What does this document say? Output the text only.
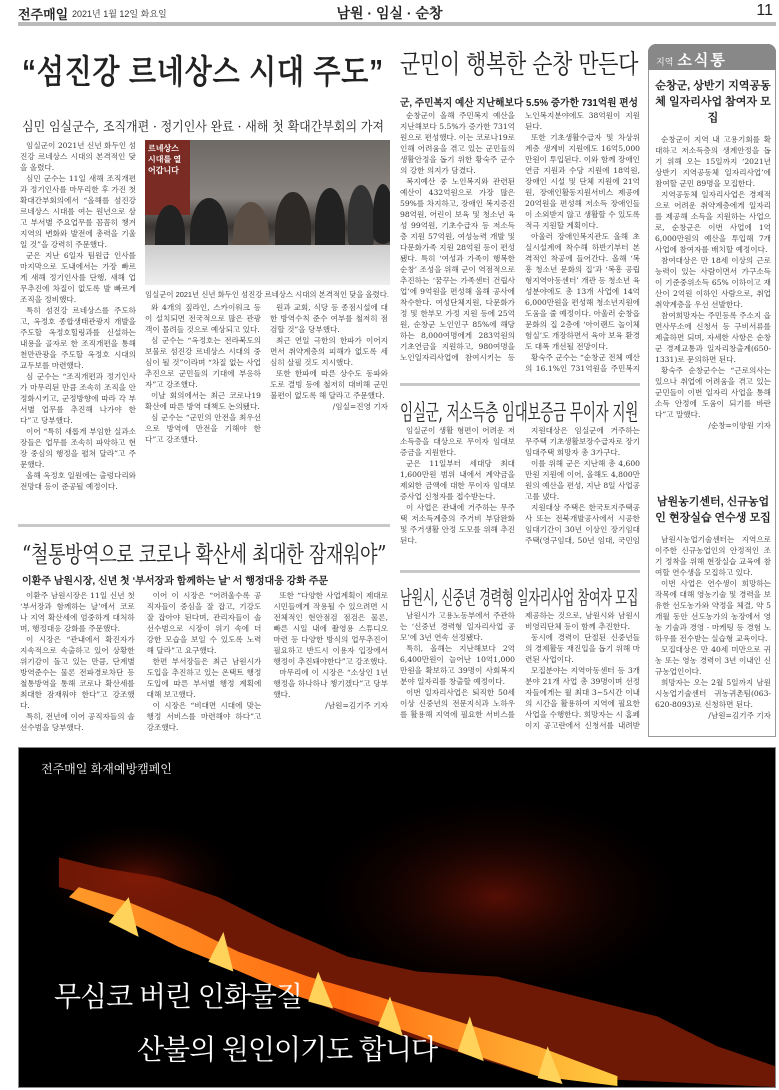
전주매일 2021년 1월 12일 화요일	남원 · 임실 · 순창	11
“섬진강 르네상스 시대 주도”
심민 임실군수, 조직개편 · 정기인사 완료 · 새해 첫 확대간부회의 가져

임실군이 2021년 신년 화두인 섬진강 르네상스 시대의 본격적인 닻을 올렸다.

심민 군수는 11일 새해 조직개편과 정기인사를 마무리한 후 가진 첫 확대간부회의에서 “올해를 섬진강 르네상스 시대를 여는 원년으로 삼고 부서별 주요업무를 꼼꼼히 챙겨 지역의 변화와 발전에 총력을 기울일 것”을 강력히 주문했다.

군은 지난 6일자 팀원급 인사를 마지막으로 도내에서는 가장 빠르게 새해 정기인사를 단행, 새해 업무추진에 차질이 없도록 발 빠르게 조직을 정비했다.

특히 섬진강 르네상스를 주도하고, 옥정호 종합생태관광지 개발을 주도할 옥정호힐링과를 신설하는 내용을 골자로 한 조직개편을 통해 천만관광을 주도할 옥정호 시대의 교두보를 마련했다.

심 군수는 “조직개편과 정기인사가 마무리된 만큼 조속히 조직을 안정화시키고, 군정방향에 따라 각 부서별 업무를 추진해 나가야 한다”고 당부했다.

이어 “특히 새롭게 부임한 실과소장들은 업무를 조속히 파악하고 현장 중심의 행정을 펼쳐 달라”고 주문했다.

올해 옥정호 일원에는 출렁다리와 전망대 등이 준공될 예정이다.

르네상스 시대를 열어갑니다
임실군이 2021년 신년 화두인 섬진강 르네상스 시대의 본격적인 닻을 올렸다.

와 4개의 짚라인, 스카이워크 등이 설치되면 전국적으로 많은 관광객이 몰려들 것으로 예상되고 있다.

심 군수는 “옥정호는 전라북도의 보물로 섬진강 르네상스 시대의 중심이 될 것”이라며 “차질 없는 사업 추진으로 군민들의 기대에 부응하자”고 강조했다.

이날 회의에서는 최근 코로나19 확산에 따른 방역 대책도 논의됐다.

심 군수는 “군민의 안전을 최우선으로 방역에 만전을 기해야 한다”고 강조했다.

원과 교회, 식당 등 종점시설에 대한 방역수칙 준수 여부를 철저히 점검할 것”을 당부했다.

최근 연일 극한의 한파가 이어지면서 취약계층의 피해가 없도록 세심히 살필 것도 지시했다.

또한 한파에 따른 상수도 동파와 도로 결빙 등에 철저히 대비해 군민 불편이 없도록 해 달라고 주문했다.

/임실=진영 기자

“철통방역으로 코로나 확산세 최대한 잠재워야”
이환주 남원시장, 신년 첫 ‘부서장과 함께하는 날’ 서 행정대응 강화 주문

이환주 남원시장은 11일 신년 첫 ‘부서장과 함께하는 날’에서 코로나 지역 확산세에 엄중하게 대처하며, 행정대응 강화를 주문했다.

이 시장은 “관내에서 확진자가 지속적으로 속출하고 있어 상황한 위기감이 돌고 있는 만큼, 단계별 방역준수는 물론 전파경로차단 등 철통방역을 통해 코로나 확산세를 최대한 잠재워야 한다”고 강조했다.

특히, 전년에 이어 공직자들의 솔선수범을 당부했다.

이어 이 시장은 “어려울수록 공직자들이 중심을 잘 잡고, 기강도 잘 잡아야 된다며, 관리자들이 솔선수범으로 시장이 위기 속에 더 강한 모습을 보일 수 있도록 노력해 달라”고 요구했다.

한편 부서장들은 최근 남원시가 도입을 추진하고 있는 온택트 행정 도입에 따른 부서별 행정 계획에 대해 보고했다.

이 시장은 “비대면 시대에 맞는 행정 서비스를 마련해야 하다”고 강조했다.

또한 “다양한 사업계획이 제대로 시민들에게 작용될 수 있으려면 시 전체적인 현안점검 점검은 물론, 빠른 시일 내에 촬영용 스튜디오 마련 등 다양한 방식의 업무추진이 필요하고 반드시 이용자 입장에서 행정이 추진돼야한다”고 강조했다.

마무리에 이 시장은 “소상인 1년 행정을 하나하나 챙기겠다”고 당부했다.

/남원=김기주 기자

군민이 행복한 순창 만든다
군, 주민복지 예산 지난해보다 5.5% 증가한 731억원 편성

순창군이 올해 주민복지 예산을 지난해보다 5.5%가 증가한 731억원으로 편성했다. 이는 코로나19로 인해 어려움을 겪고 있는 군민들의 생활안정을 돕기 위한 황숙주 군수의 강한 의지가 담겼다.

복지예산 중 노인복지와 관련된 예산이 432억원으로 가장 많은 59%를 차지하고, 장애인 복지증진 98억원, 어린이 보육 및 청소년 육성 99억원, 기초수급자 등 저소득층 지원 57억원, 여성능력 개발 및 다문화가족 지원 28억원 등이 편성됐다. 특히 ‘여성과 가족이 행복한 순창’ 조성을 위해 군이 역점적으로 추진하는 ‘꿈꾸는 가족센터 건립사업’에 9억원을 편성해 올해 공사에 착수한다. 여성단체지원, 다문화가정 및 한부모 가정 지원 등에 25억원, 순창군 노인인구 85%에 해당하는 8,000여명에게 283억원의 기초연금을 지원하고, 980여명을 노인일자리사업에 참여시키는 등 노인복지분야에도 38억원이 지원된다.

또한 기초생활수급자 및 차상위 계층 생계비 지원에도 16억5,000만원이 투입된다. 이와 함께 장애인연금 지원과 수당 지원에 18억원, 장애인 시설 및 단체 지원에 21억원, 장애인활동지원서비스 제공에 20억원을 편성해 저소득 장애인들이 소외받지 않고 생활할 수 있도록 적극 지원할 계획이다.

아울러 장애인복지관도 올해 초 실시설계에 착수해 하반기부터 본격적인 착공에 들어간다. 올해 ‘복흥 청소년 문화의 집’과 ‘복흥 공립형지역아동센터’ 개관 등 청소년 육성분야에도 총 13개 사업에 14억6,000만원을 편성해 청소년지원에 도움을 줄 예정이다. 아울러 순창읍 문화의 집 2층에 ‘아이랜드 놀이체험실’도 개장하면서 육아 보육 환경도 대폭 개선될 전망이다.

황숙주 군수는 “순창군 전체 예산의 16.1%인 731억원을 주민복지

임실군, 저소득층 임대보증금 무이자 지원

임실군이 생활 형편이 어려운 저소득층을 대상으로 무이자 임대보증금을 지원한다.

군은 11일부터 세대당 최대 1,600만원 범위 내에서 계약금을 제외한 금액에 대한 무이자 임대보증사업 신청자를 접수받는다.

이 사업은 관내에 거주하는 무주택 저소득계층의 주거비 부담완화 및 주거생활 안정 도모를 위해 추진된다.

지원대상은 임실군에 거주하는 무주택 기초생활보장수급자로 장기임대주택 희망자 총 3가구다.

이를 위해 군은 지난해 총 4,600만원 지원에 이어, 올해도 4,800만원의 예산을 편성, 지난 8일 사업공고를 냈다.

지원대상 주택은 한국토지주택공사 또는 전북개발공사에서 시공한 임대기간이 30년 이상인 장기임대주택(영구임대, 50년 임대, 국민임

남원시, 신중년 경력형 일자리사업 참여자 모집

남원시가 고용노동부에서 주관하는 ‘신중년 경력형 일자리사업 공모’에 3년 연속 선정됐다.

특히, 올해는 지난해보다 2억6,400만원이 늘어난 10억1,000만원을 확보하고 39명이 사회복지 분야 일자리를 창출할 예정이다.

이번 일자리사업은 퇴직한 50세 이상 신중년의 전문지식과 노하우를 활용해 지역에 필요한 서비스를 제공하는 것으로, 남원시와 남원시 비영리단체 등이 함께 추진한다.

동시에 경력이 단절된 신중년들의 경제활동 재진입을 돕기 위해 마련된 사업이다.

모집분야는 지역아동센터 등 3개 분야 21개 사업 총 39명이며 선정자들에게는 월 최대 3~5시간 이내의 시간을 활용하여 지역에 필요한 사업을 수행한다. 희망자는 시 홈페이지 공고란에서 신청서를 내려받

지역 소식통
순창군, 상반기 지역공동체 일자리사업 참여자 모집

순창군이 지역 내 고용기회를 확대하고 저소득층의 생계안정을 돕기 위해 오는 15일까지 ‘2021년 상반기 지역공동체 일자리사업’에 참여할 군민 89명을 모집한다.

지역공동체 일자리사업은 경제적으로 어려운 취약계층에게 일자리를 제공해 소득을 지원하는 사업으로, 순창군은 이번 사업에 1억6,000만원의 예산을 투입해 7개 사업에 참여자를 배치할 예정이다.

참여대상은 만 18세 이상의 근로능력이 있는 사람이면서 가구소득이 기준중위소득 65% 이하이고 재산이 2억원 이하인 사람으로, 취업취약계층을 우선 선발한다.

참여희망자는 주민등록 주소지 읍면사무소에 신청서 등 구비서류를 제출하면 되며, 자세한 사항은 순창군 경제교통과 일자리창출계(650-1331)로 문의하면 된다.

황숙주 순창군수는 “근로의사는 있으나 취업에 어려움을 겪고 있는 군민들이 이번 일자리 사업을 통해 소득 안정에 도움이 되기를 바란다”고 말했다.

/순창=이양원 기자

남원농기센터, 신규농업인 현장실습 연수생 모집

남원시농업기술센터는 지역으로 이주한 신규농업인의 안정적인 조기 정착을 위해 현장실습 교육에 참여할 연수생을 모집하고 있다.

이번 사업은 연수생이 희망하는 작목에 대해 영농기술 및 경력을 보유한 선도농가와 약정을 체결, 약 5개월 동안 선도농가의 농장에서 영농 기술과 경영 · 마케팅 등 경험 노하우를 전수받는 실습형 교육이다.

모집대상은 만 40세 미만으로 귀농 또는 영농 경력이 3년 이내인 신규농업인이다.

희망자는 오는 2월 5일까지 남원시농업기술센터 귀농귀촌팀(063-620-8093)로 신청하면 된다.

/남원=김기주 기자

전주매일 화재예방캠페인
무심코 버린 인화물질
산불의 원인이기도 합니다
